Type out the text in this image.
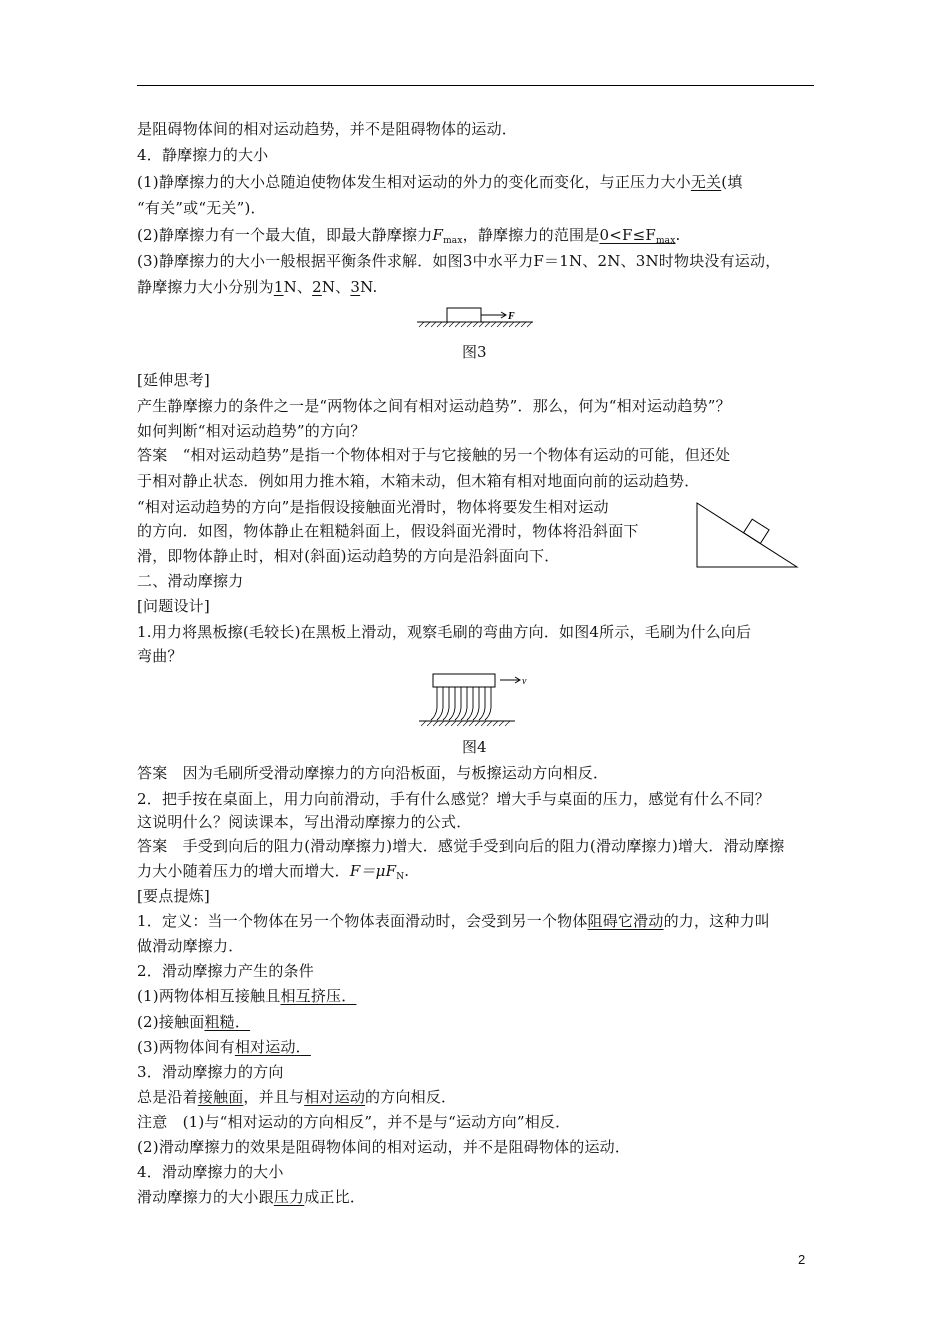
是阻碍物体间的相对运动趋势，并不是阻碍物体的运动．
4．静摩擦力的大小
(1)静摩擦力的大小总随迫使物体发生相对运动的外力的变化而变化，与正压力大小无关(填
“有关”或“无关”)．
(2)静摩擦力有一个最大值，即最大静摩擦力$F_{max}$，静摩擦力的范围是$0<F\le F_{max}$.
(3)静摩擦力的大小一般根据平衡条件求解．如图3中水平力F＝1N、2N、3N时物块没有运动，
静摩擦力大小分别为1N、2N、3N.
F
图3
[延伸思考]
产生静摩擦力的条件之一是“两物体之间有相对运动趋势”．那么，何为“相对运动趋势”？
如何判断“相对运动趋势”的方向？
答案　“相对运动趋势”是指一个物体相对于与它接触的另一个物体有运动的可能，但还处
于相对静止状态．例如用力推木箱，木箱未动，但木箱有相对地面向前的运动趋势．
“相对运动趋势的方向”是指假设接触面光滑时，物体将要发生相对运动
的方向．如图，物体静止在粗糙斜面上，假设斜面光滑时，物体将沿斜面下
滑，即物体静止时，相对(斜面)运动趋势的方向是沿斜面向下．
二、滑动摩擦力
[问题设计]
1.用力将黑板擦(毛较长)在黑板上滑动，观察毛刷的弯曲方向．如图4所示，毛刷为什么向后
弯曲？
v
图4
答案　因为毛刷所受滑动摩擦力的方向沿板面，与板擦运动方向相反．
2．把手按在桌面上，用力向前滑动，手有什么感觉？增大手与桌面的压力，感觉有什么不同？
这说明什么？阅读课本，写出滑动摩擦力的公式．
答案　手受到向后的阻力(滑动摩擦力)增大．感觉手受到向后的阻力(滑动摩擦力)增大．滑动摩擦
力大小随着压力的增大而增大．$F=\mu F_N$.
[要点提炼]
1．定义：当一个物体在另一个物体表面滑动时，会受到另一个物体阻碍它滑动的力，这种力叫
做滑动摩擦力．
2．滑动摩擦力产生的条件
(1)两物体相互接触且相互挤压．
(2)接触面粗糙．
(3)两物体间有相对运动．
3．滑动摩擦力的方向
总是沿着接触面，并且与相对运动的方向相反．
注意　(1)与“相对运动的方向相反”，并不是与“运动方向”相反．
(2)滑动摩擦力的效果是阻碍物体间的相对运动，并不是阻碍物体的运动．
4．滑动摩擦力的大小
滑动摩擦力的大小跟压力成正比．
2
